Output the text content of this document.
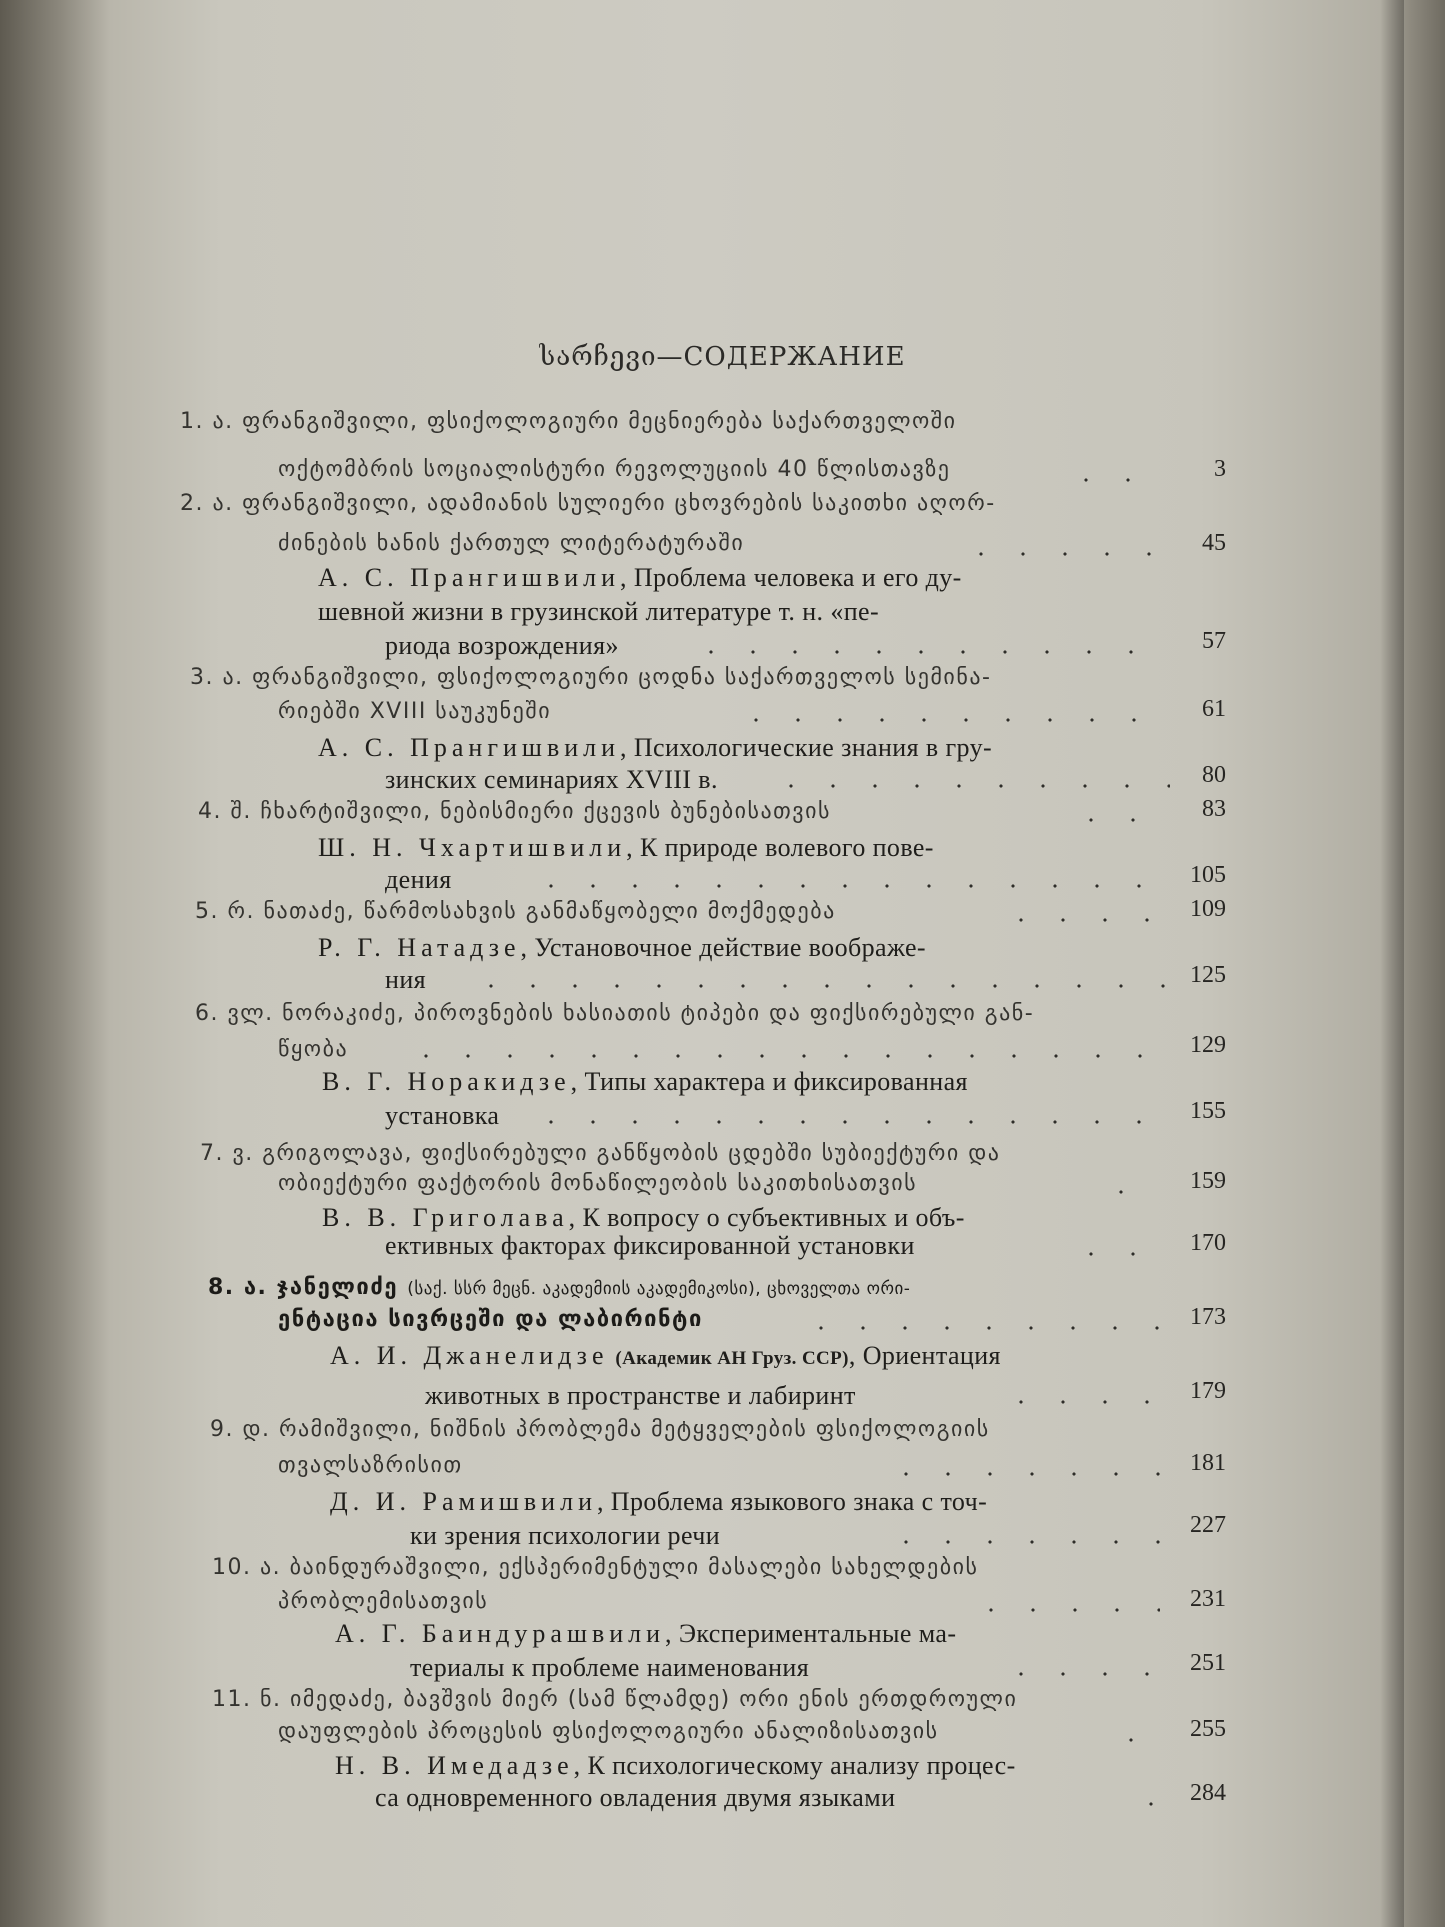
სარჩევი—СОДЕРЖАНИЕ
1. ა. ფრანგიშვილი, ფსიქოლოგიური მეცნიერება საქართველოში
ოქტომბრის სოციალისტური რევოლუციის 40 წლისთავზე	3
2. ა. ფრანგიშვილი, ადამიანის სულიერი ცხოვრების საკითხი აღორ-
ძინების ხანის ქართულ ლიტერატურაში	45
А. С. Прангишвили, Проблема человека и его ду-
шевной жизни в грузинской литературе т. н. «пе-
риода возрождения»	57
3. ა. ფრანგიშვილი, ფსიქოლოგიური ცოდნა საქართველოს სემინა-
რიებში XVIII საუკუნეში	61
А. С. Прангишвили, Психологические знания в гру-
зинских семинариях XVIII в.	80
4. შ. ჩხარტიშვილი, ნებისმიერი ქცევის ბუნებისათვის	83
Ш. Н. Чхартишвили, К природе волевого пове-
дения	105
5. რ. ნათაძე, წარმოსახვის განმაწყობელი მოქმედება	109
Р. Г. Натадзе, Установочное действие воображе-
ния	125
6. ვლ. ნორაკიძე, პიროვნების ხასიათის ტიპები და ფიქსირებული გან-
წყობა	129
В. Г. Норакидзе, Типы характера и фиксированная
установка	155
7. ვ. გრიგოლავა, ფიქსირებული განწყობის ცდებში სუბიექტური და
ობიექტური ფაქტორის მონაწილეობის საკითხისათვის	159
В. В. Григолава, К вопросу о субъективных и объ-
ективных факторах фиксированной установки	170
8. ა. ჯანელიძე (საქ. სსრ მეცნ. აკადემიის აკადემიკოსი), ცხოველთა ორი-
ენტაცია სივრცეში და ლაბირინტი	173
А. И. Джанелидзе (Академик АН Груз. ССР), Ориентация
животных в пространстве и лабиринт	179
9. დ. რამიშვილი, ნიშნის პრობლემა მეტყველების ფსიქოლოგიის
თვალსაზრისით	181
Д. И. Рамишвили, Проблема языкового знака с точ-
ки зрения психологии речи	227
10. ა. ბაინდურაშვილი, ექსპერიმენტული მასალები სახელდების
პრობლემისათვის	231
А. Г. Баиндурашвили, Экспериментальные ма-
териалы к проблеме наименования	251
11. ნ. იმედაძე, ბავშვის მიერ (სამ წლამდე) ორი ენის ერთდროული
დაუფლების პროცესის ფსიქოლოგიური ანალიზისათვის	255
Н. В. Имедадзе, К психологическому анализу процес-
са одновременного овладения двумя языками	284
